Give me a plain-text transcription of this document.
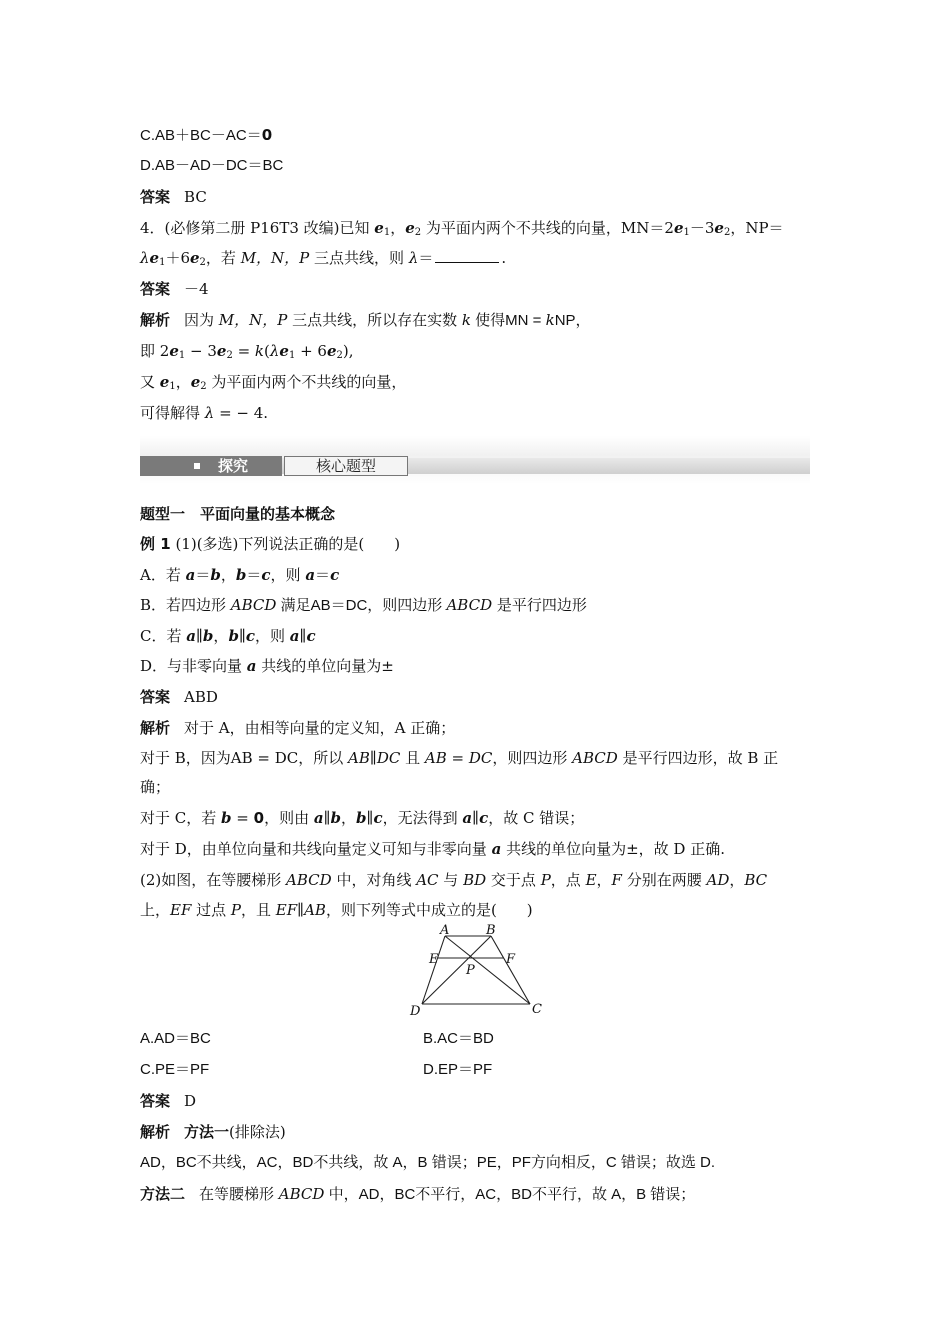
C.AB＋BC－AC＝0
D.AB－AD－DC＝BC
答案 BC
4．(必修第二册 P16T3 改编)已知 $e_1$，$e_2$ 为平面内两个不共线的向量，$MN=2e_1-3e_2$，NP＝
$\lambda e_1+6e_2$，若 M，N，P 三点共线，则 λ＝	.
答案 －4
解析 因为 M，N，P 三点共线，所以存在实数 k 使得MN = kNP，
即 $2e_1 - 3e_2 = k(\lambda e_1 + 6e_2)$,
又 $e_1$，$e_2$ 为平面内两个不共线的向量，
可得解得 λ = − 4.
探究	核心题型
题型一　平面向量的基本概念
例 1 (1)(多选)下列说法正确的是(　　)
A．若 a＝b，b＝c，则 a＝c
B．若四边形 ABCD 满足AB＝DC，则四边形 ABCD 是平行四边形
C．若 a∥b，b∥c，则 a∥c
D．与非零向量 a 共线的单位向量为±
答案 ABD
解析 对于 A，由相等向量的定义知，A 正确；
对于 B，因为AB = DC，所以 AB∥DC 且 AB = DC，则四边形 ABCD 是平行四边形，故 B 正
确；
对于 C，若 b = 0，则由 a∥b，b∥c，无法得到 a∥c，故 C 错误；
对于 D，由单位向量和共线向量定义可知与非零向量 a 共线的单位向量为±，故 D 正确.
(2)如图，在等腰梯形 ABCD 中，对角线 AC 与 BD 交于点 P，点 E，F 分别在两腰 AD，BC
上，EF 过点 P，且 EF∥AB，则下列等式中成立的是(　　)
A	B
E	F
P
D	C
A.AD＝BC	B.AC＝BD
C.PE＝PF	D.EP＝PF
答案 D
解析 方法一(排除法)
AD，BC不共线，AC，BD不共线，故 A，B 错误；PE，PF方向相反，C 错误；故选 D.
方法二 在等腰梯形 ABCD 中，AD，BC不平行，AC，BD不平行，故 A，B 错误；
